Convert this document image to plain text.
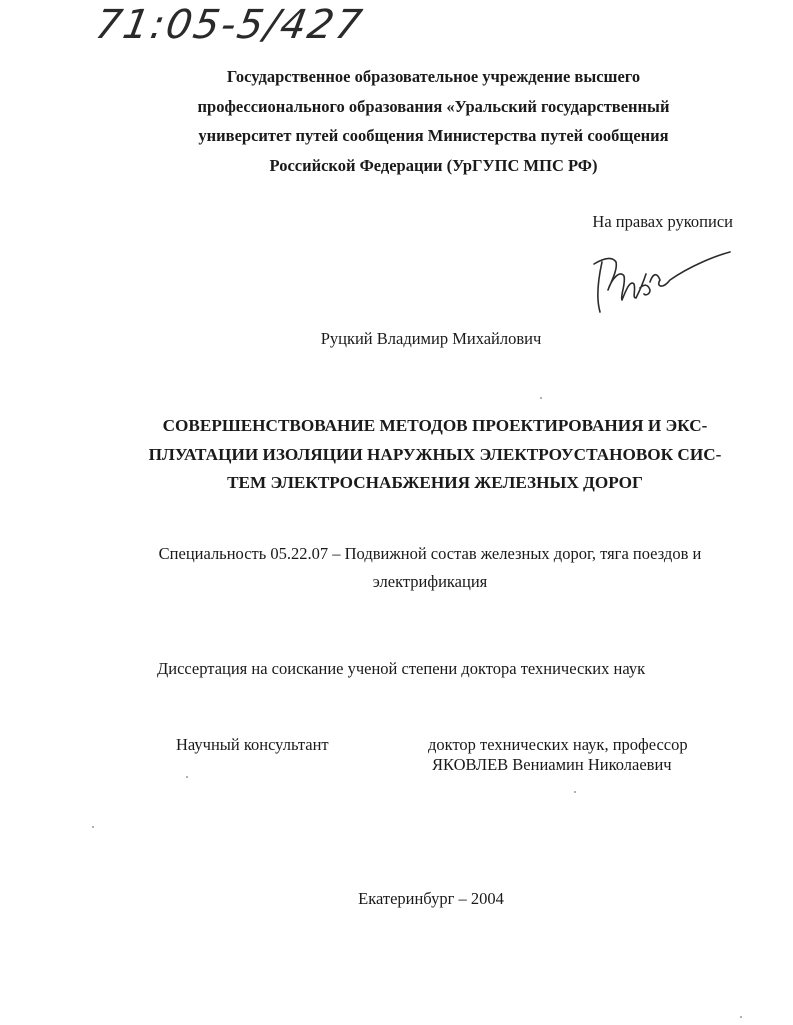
71:05-5/427

Государственное образовательное учреждение высшего
профессионального образования «Уральский государственный
университет путей сообщения Министерства путей сообщения
Российской Федерации (УрГУПС МПС РФ)

На правах рукописи

Руцкий Владимир Михайлович

СОВЕРШЕНСТВОВАНИЕ МЕТОДОВ ПРОЕКТИРОВАНИЯ И ЭКС-
ПЛУАТАЦИИ ИЗОЛЯЦИИ НАРУЖНЫХ ЭЛЕКТРОУСТАНОВОК СИС-
ТЕМ ЭЛЕКТРОСНАБЖЕНИЯ ЖЕЛЕЗНЫХ ДОРОГ
Специальность 05.22.07 – Подвижной состав железных дорог, тяга поездов и
электрификация

Диссертация на соискание ученой степени доктора технических наук

Научный консультант	доктор технических наук, профессор
ЯКОВЛЕВ Вениамин Николаевич

Екатеринбург – 2004
